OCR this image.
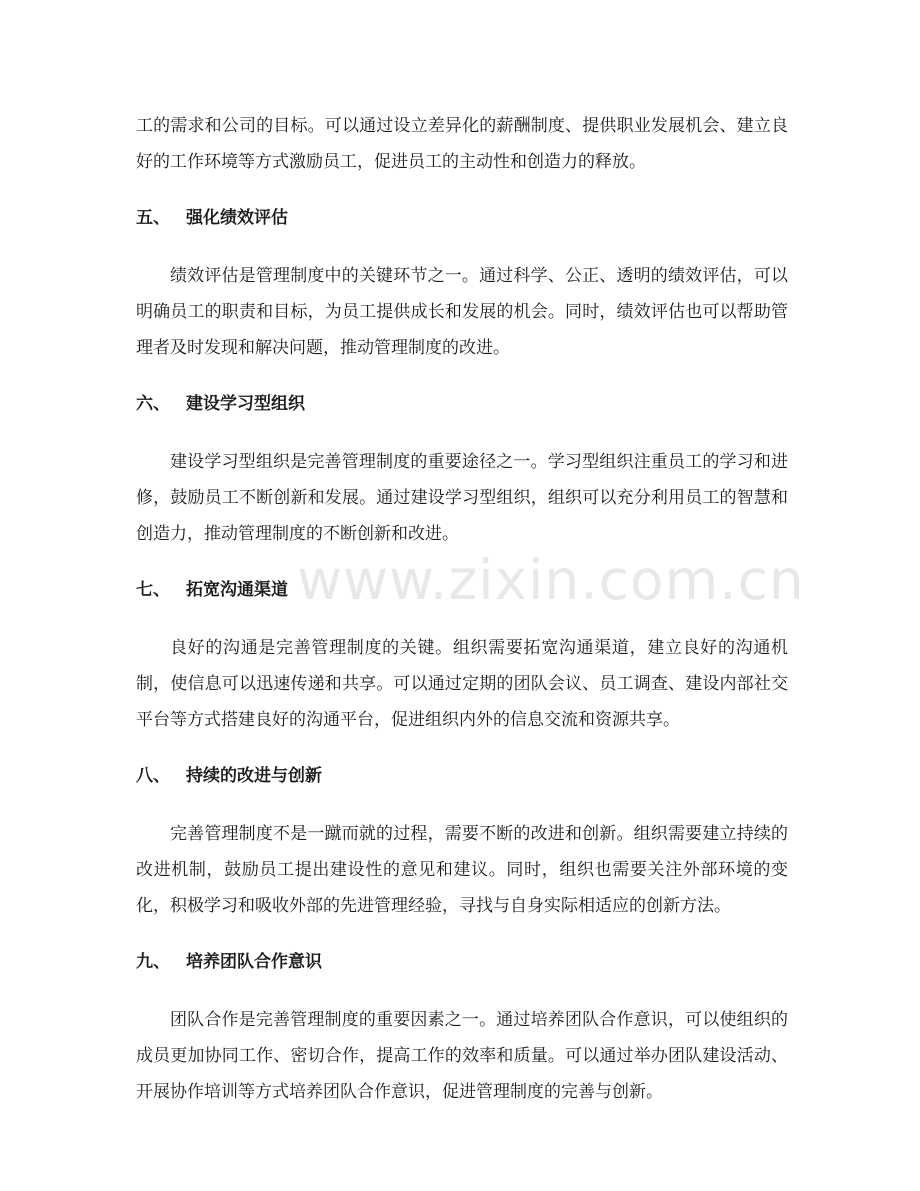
www.zixin.com.cn

工的需求和公司的目标。可以通过设立差异化的薪酬制度、提供职业发展机会、建立良好的工作环境等方式激励员工，促进员工的主动性和创造力的释放。

五、 强化绩效评估

绩效评估是管理制度中的关键环节之一。通过科学、公正、透明的绩效评估，可以明确员工的职责和目标，为员工提供成长和发展的机会。同时，绩效评估也可以帮助管理者及时发现和解决问题，推动管理制度的改进。

六、 建设学习型组织

建设学习型组织是完善管理制度的重要途径之一。学习型组织注重员工的学习和进修，鼓励员工不断创新和发展。通过建设学习型组织，组织可以充分利用员工的智慧和创造力，推动管理制度的不断创新和改进。

七、 拓宽沟通渠道

良好的沟通是完善管理制度的关键。组织需要拓宽沟通渠道，建立良好的沟通机制，使信息可以迅速传递和共享。可以通过定期的团队会议、员工调查、建设内部社交平台等方式搭建良好的沟通平台，促进组织内外的信息交流和资源共享。

八、 持续的改进与创新

完善管理制度不是一蹴而就的过程，需要不断的改进和创新。组织需要建立持续的改进机制，鼓励员工提出建设性的意见和建议。同时，组织也需要关注外部环境的变化，积极学习和吸收外部的先进管理经验，寻找与自身实际相适应的创新方法。

九、 培养团队合作意识

团队合作是完善管理制度的重要因素之一。通过培养团队合作意识，可以使组织的成员更加协同工作、密切合作，提高工作的效率和质量。可以通过举办团队建设活动、开展协作培训等方式培养团队合作意识，促进管理制度的完善与创新。
